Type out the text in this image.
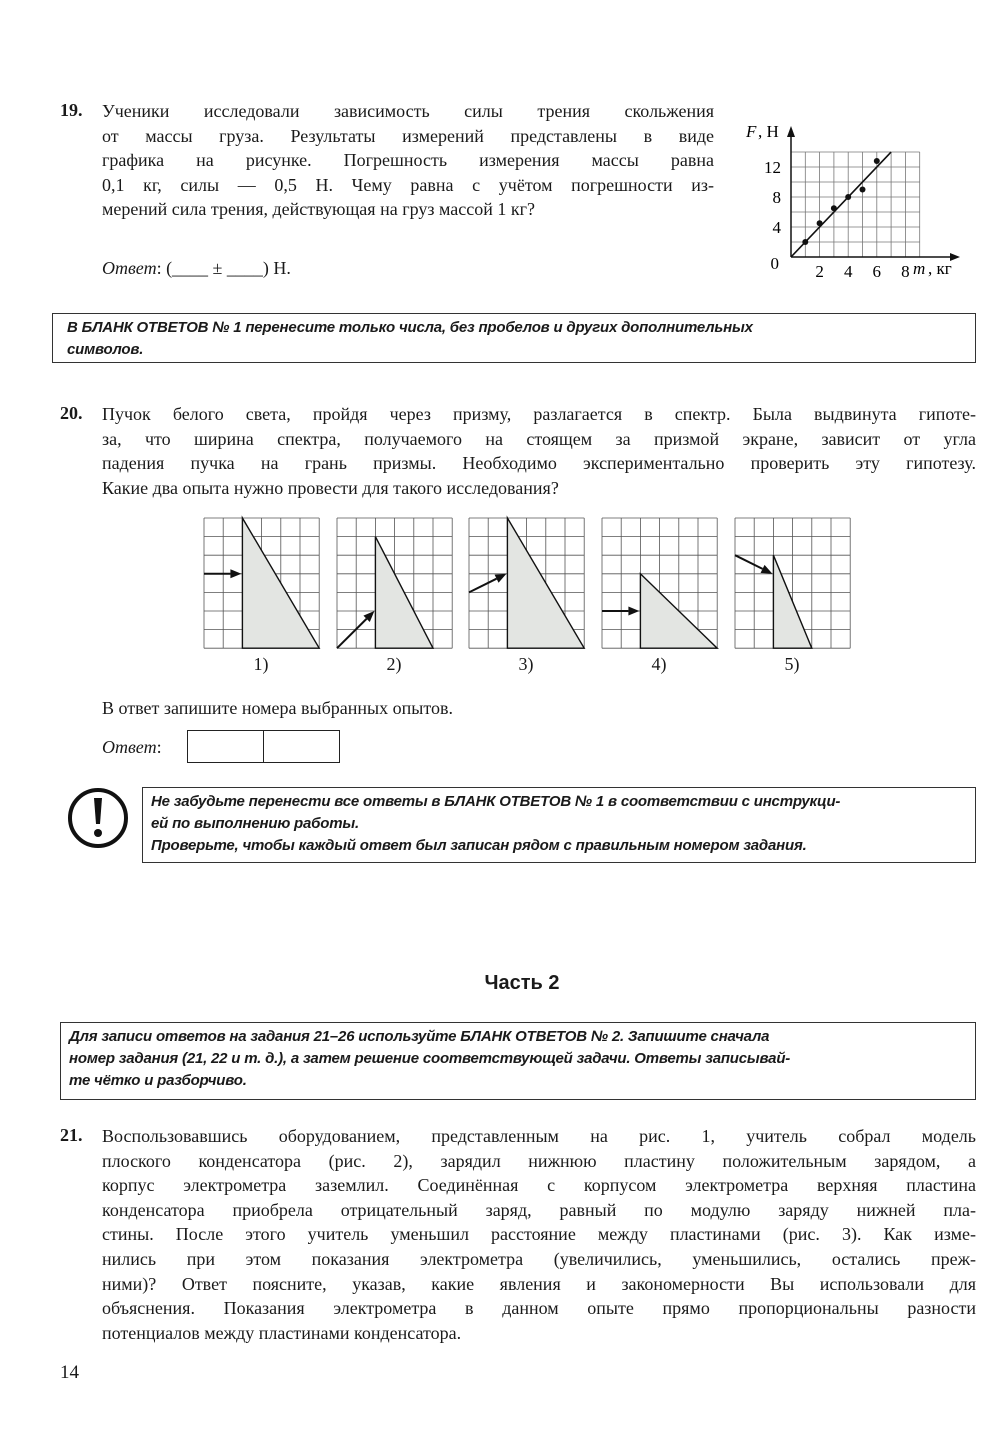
19. Ученики исследовали зависимость силы трения скольжения
от массы груза. Результаты измерений представлены в виде
графика на рисунке. Погрешность измерения массы равна
0,1 кг, силы — 0,5 Н. Чему равна с учётом погрешности из-
мерений сила трения, действующая на груз массой 1 кг?
Ответ: (____ ± ____) Н.	2 4 6 8
4
8
12
0
F , Н
m , кг
В БЛАНК ОТВЕТОВ № 1 перенесите только числа, без пробелов и других дополнительных
символов.
20. Пучок белого света, пройдя через призму, разлагается в спектр. Была выдвинута гипоте-
за, что ширина спектра, получаемого на стоящем за призмой экране, зависит от угла
падения пучка на грань призмы. Необходимо экспериментально проверить эту гипотезу.
Какие два опыта нужно провести для такого исследования?
1)	2)	3)	4)	5)
В ответ запишите номера выбранных опытов.
Ответ:
Не забудьте перенести все ответы в БЛАНК ОТВЕТОВ № 1 в соответствии с инструкци-
ей по выполнению работы.
Проверьте, чтобы каждый ответ был записан рядом с правильным номером задания.
Часть 2
Для записи ответов на задания 21–26 используйте БЛАНК ОТВЕТОВ № 2. Запишите сначала
номер задания (21, 22 и т. д.), а затем решение соответствующей задачи. Ответы записывай-
те чётко и разборчиво.
21. Воспользовавшись оборудованием, представленным на рис. 1, учитель собрал модель
плоского конденсатора (рис. 2), зарядил нижнюю пластину положительным зарядом, а
корпус электрометра заземлил. Соединённая с корпусом электрометра верхняя пластина
конденсатора приобрела отрицательный заряд, равный по модулю заряду нижней пла-
стины. После этого учитель уменьшил расстояние между пластинами (рис. 3). Как изме-
нились при этом показания электрометра (увеличились, уменьшились, остались преж-
ними)? Ответ поясните, указав, какие явления и закономерности Вы использовали для
объяснения. Показания электрометра в данном опыте прямо пропорциональны разности
потенциалов между пластинами конденсатора.
14
